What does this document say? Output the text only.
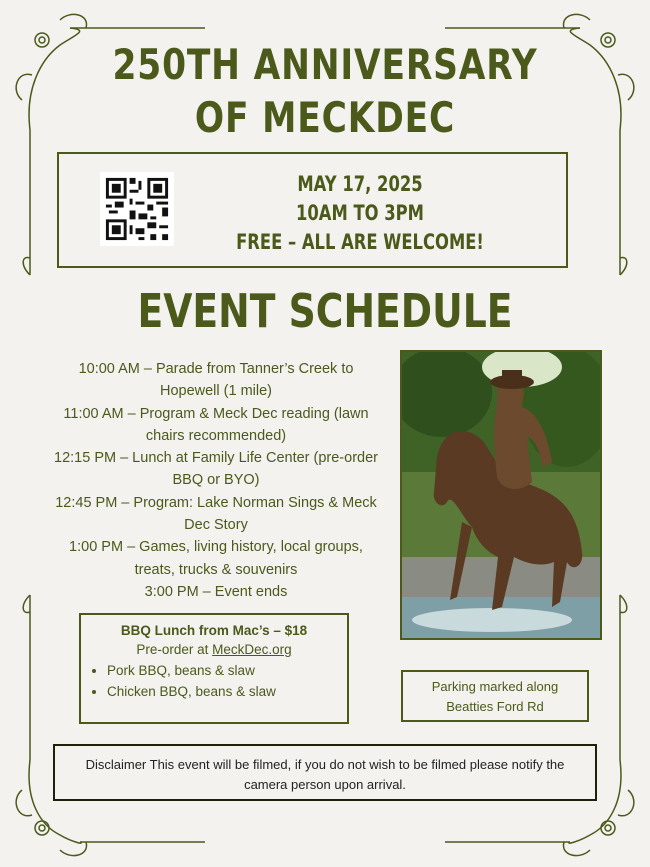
250TH ANNIVERSARY
OF MECKDEC
MAY 17, 2025
10AM TO 3PM
FREE – ALL ARE WELCOME!
EVENT SCHEDULE
10:00 AM – Parade from Tanner’s Creek to
Hopewell (1 mile)
11:00 AM – Program & Meck Dec reading (lawn
chairs recommended)
12:15 PM – Lunch at Family Life Center (pre-order
BBQ or BYO)
12:45 PM – Program: Lake Norman Sings & Meck
Dec Story
1:00 PM – Games, living history, local groups,
treats, trucks & souvenirs
3:00 PM – Event ends
BBQ Lunch from Mac’s – $18
Pre-order at MeckDec.org
• Pork BBQ, beans & slaw
• Chicken BBQ, beans & slaw	Parking marked along
Beatties Ford Rd
Disclaimer This event will be filmed, if you do not wish to be filmed please notify the camera person upon arrival.
